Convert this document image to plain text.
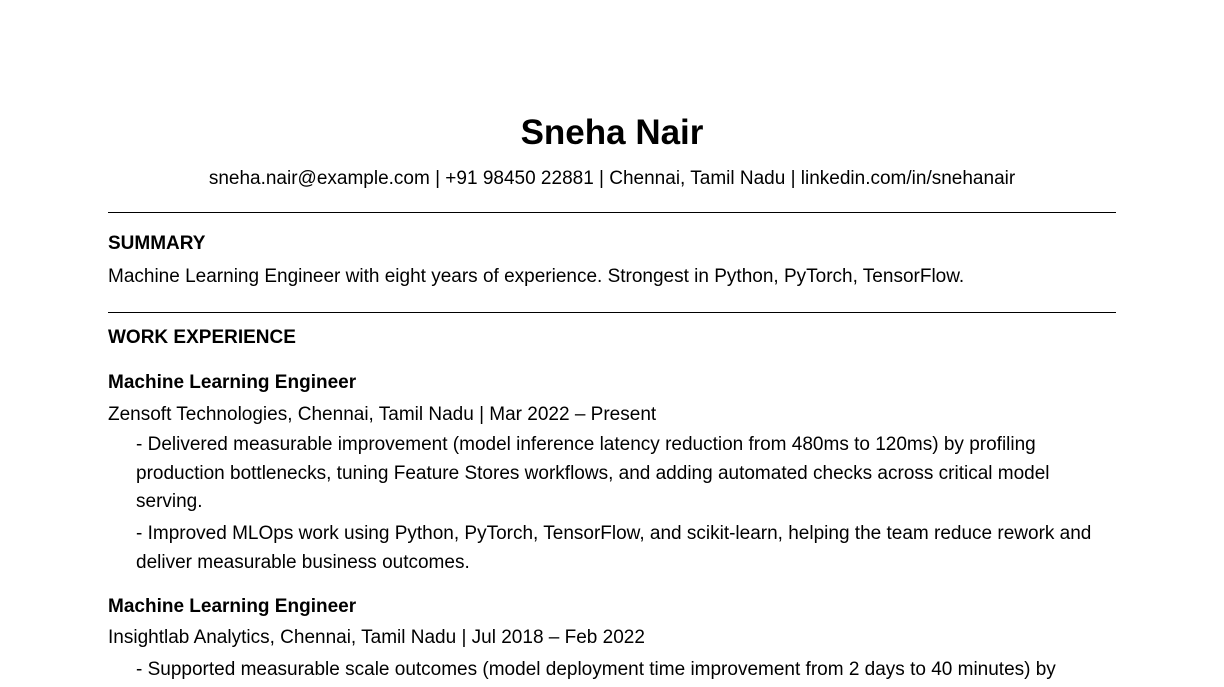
Sneha Nair
sneha.nair@example.com | +91 98450 22881 | Chennai, Tamil Nadu | linkedin.com/in/snehanair
SUMMARY
Machine Learning Engineer with eight years of experience. Strongest in Python, PyTorch, TensorFlow.
WORK EXPERIENCE
Machine Learning Engineer
Zensoft Technologies, Chennai, Tamil Nadu | Mar 2022 – Present
- Delivered measurable improvement (model inference latency reduction from 480ms to 120ms) by profiling production bottlenecks, tuning Feature Stores workflows, and adding automated checks across critical model serving.
- Improved MLOps work using Python, PyTorch, TensorFlow, and scikit-learn, helping the team reduce rework and deliver measurable business outcomes.
Machine Learning Engineer
Insightlab Analytics, Chennai, Tamil Nadu | Jul 2018 – Feb 2022
- Supported measurable scale outcomes (model deployment time improvement from 2 days to 40 minutes) by
